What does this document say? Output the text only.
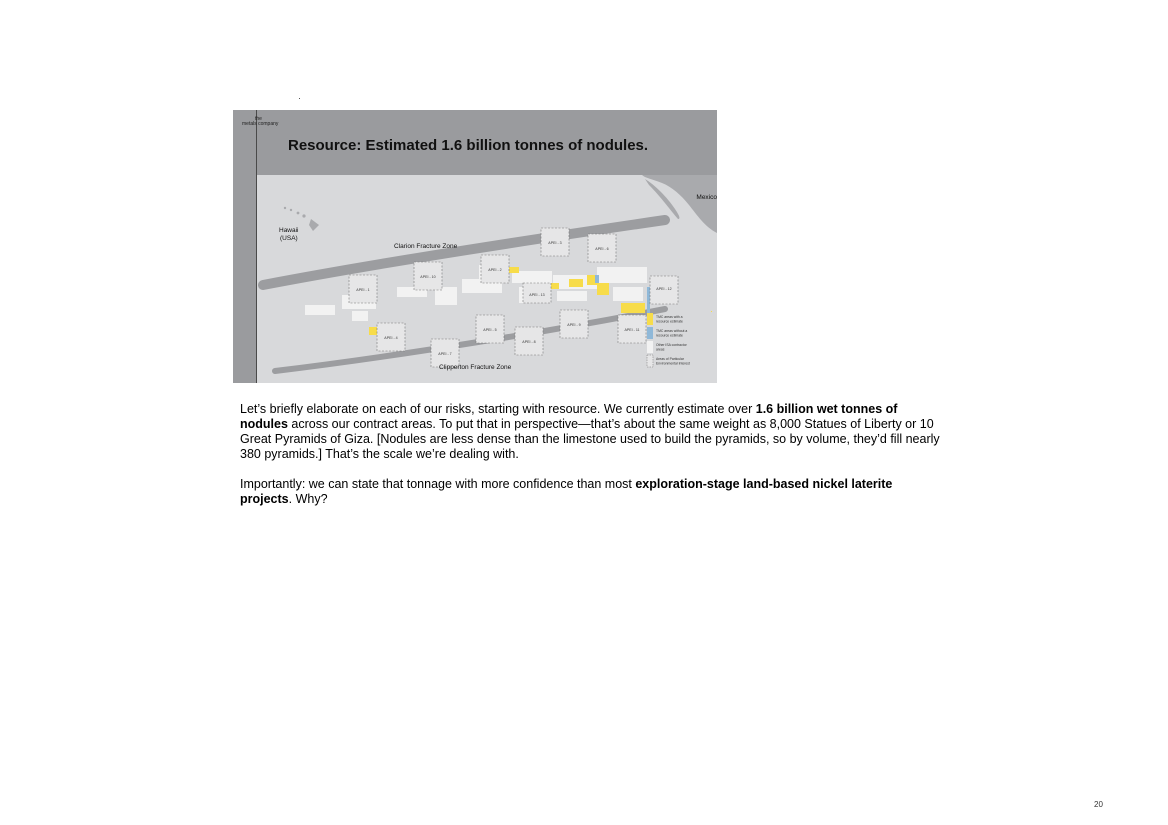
the
metals company
Resource: Estimated 1.6 billion tonnes of nodules.
APEI - 1
APEI - 2
APEI - 3
APEI - 4
APEI - 5
APEI - 6
APEI - 7
APEI - 8
APEI - 9
APEI - 10
APEI - 11
APEI - 12
APEI - 13
Mexico
Hawaii
(USA)
Clarion Fracture Zone
Clipperton Fracture Zone
TMC areas with a
resource estimate
TMC areas without a
resource estimate
Other ISA contractor
areas
Areas of Particular
Environmental Interest

Let’s briefly elaborate on each of our risks, starting with resource. We currently estimate over 1.6 billion wet tonnes of nodules across our contract areas. To put that in perspective—that’s about the same weight as 8,000 Statues of Liberty or 10 Great Pyramids of Giza. [Nodules are less dense than the limestone used to build the pyramids, so by volume, they’d fill nearly 380 pyramids.] That’s the scale we’re dealing with.

Importantly: we can state that tonnage with more confidence than most exploration-stage land-based nickel laterite projects. Why?

20
